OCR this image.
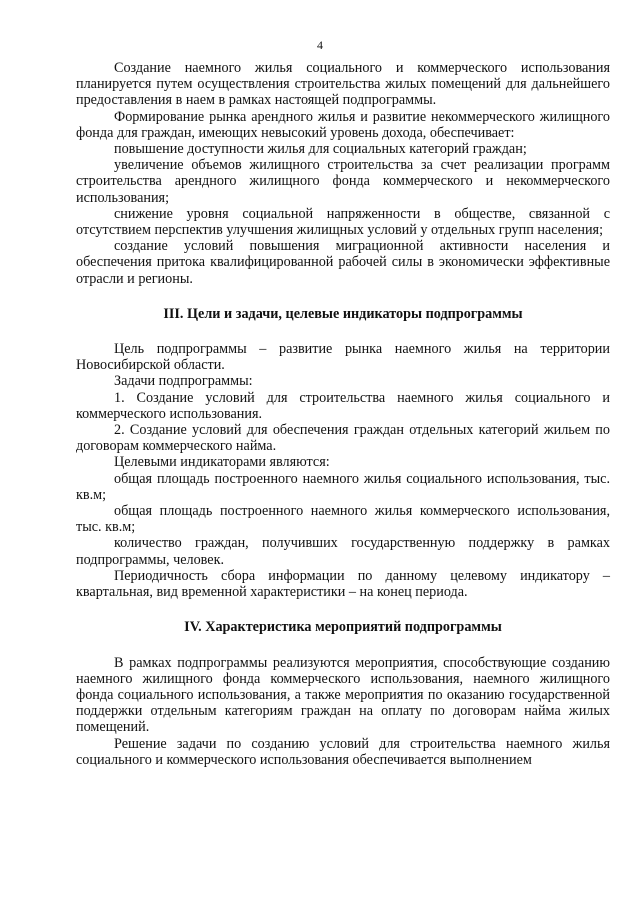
4

Создание наемного жилья социального и коммерческого использования планируется путем осуществления строительства жилых помещений для дальнейшего предоставления в наем в рамках настоящей подпрограммы.

Формирование рынка арендного жилья и развитие некоммерческого жилищного фонда для граждан, имеющих невысокий уровень дохода, обеспечивает:

повышение доступности жилья для социальных категорий граждан;

увеличение объемов жилищного строительства за счет реализации программ строительства арендного жилищного фонда коммерческого и некоммерческого использования;

снижение уровня социальной напряженности в обществе, связанной с отсутствием перспектив улучшения жилищных условий у отдельных групп населения;

создание условий повышения миграционной активности населения и обеспечения притока квалифицированной рабочей силы в экономически эффективные отрасли и регионы.

III. Цели и задачи, целевые индикаторы подпрограммы

Цель подпрограммы – развитие рынка наемного жилья на территории Новосибирской области.

Задачи подпрограммы:

1. Создание условий для строительства наемного жилья социального и коммерческого использования.

2. Создание условий для обеспечения граждан отдельных категорий жильем по договорам коммерческого найма.

Целевыми индикаторами являются:

общая площадь построенного наемного жилья социального использования, тыс. кв.м;

общая площадь построенного наемного жилья коммерческого использования, тыс. кв.м;

количество граждан, получивших государственную поддержку в рамках подпрограммы, человек.

Периодичность сбора информации по данному целевому индикатору – квартальная, вид временной характеристики – на конец периода.

IV. Характеристика мероприятий подпрограммы

В рамках подпрограммы реализуются мероприятия, способствующие созданию наемного жилищного фонда коммерческого использования, наемного жилищного фонда социального использования, а также мероприятия по оказанию государственной поддержки отдельным категориям граждан на оплату по договорам найма жилых помещений.

Решение задачи по созданию условий для строительства наемного жилья социального и коммерческого использования обеспечивается выполнением
